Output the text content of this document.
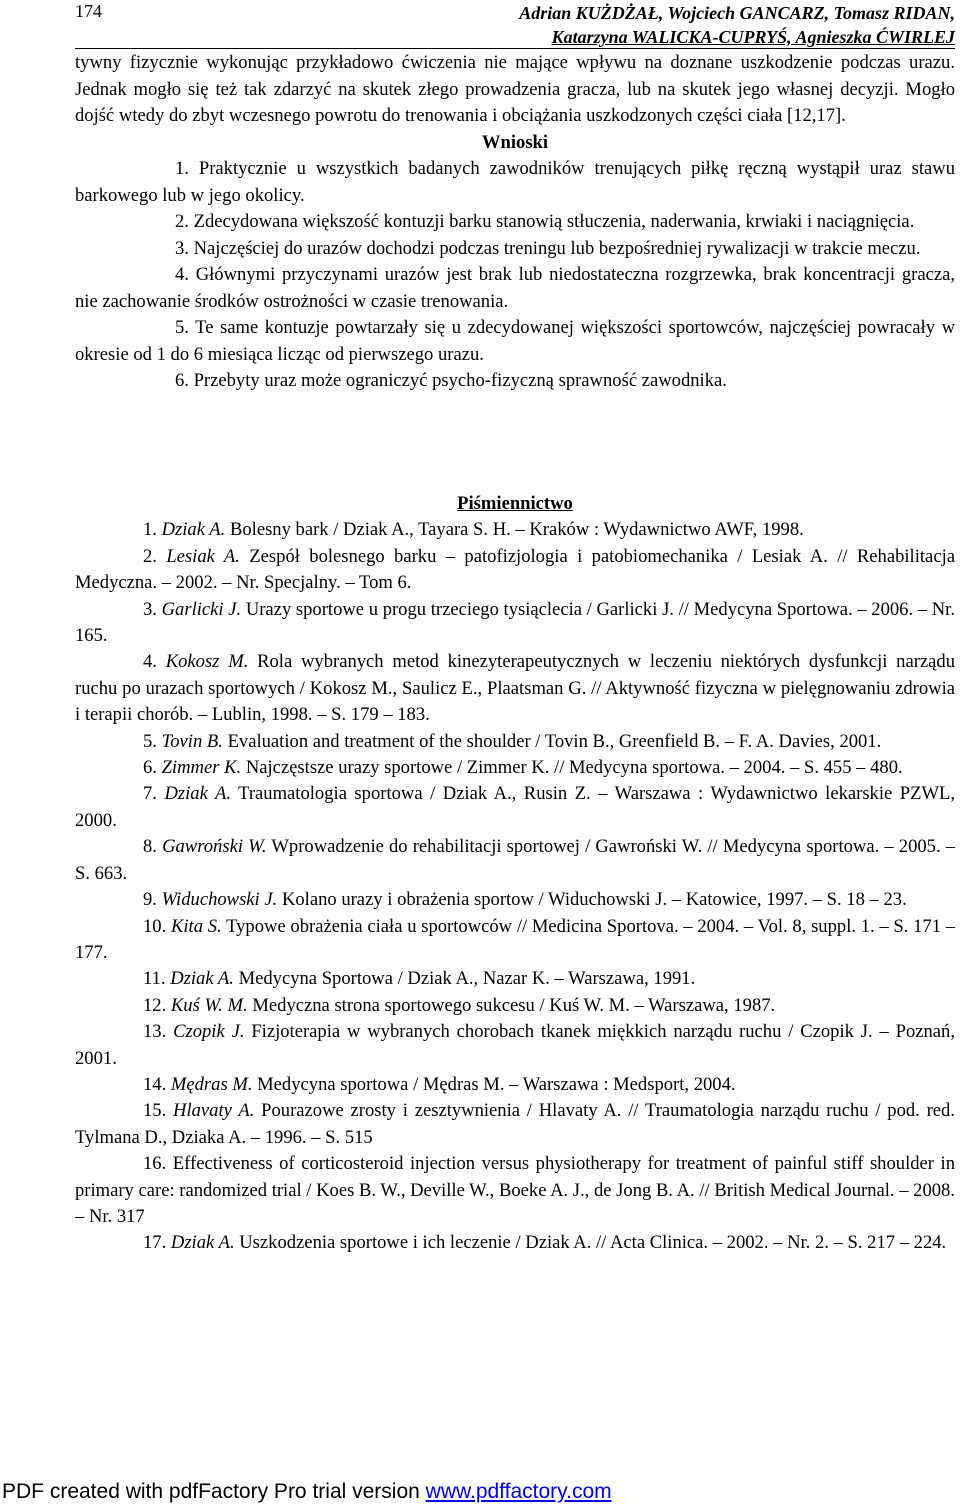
174	Adrian KUŻDŻAŁ, Wojciech GANCARZ, Tomasz RIDAN,
Katarzyna WALICKA-CUPRYŚ, Agnieszka ĆWIRLEJ

tywny fizycznie wykonując przykładowo ćwiczenia nie mające wpływu na doznane uszkodzenie podczas urazu. Jednak mogło się też tak zdarzyć na skutek złego prowadzenia gracza, lub na skutek jego własnej decyzji. Mogło dojść wtedy do zbyt wczesnego powrotu do trenowania i obciążania uszkodzonych części ciała [12,17].

Wnioski

1. Praktycznie u wszystkich badanych zawodników trenujących piłkę ręczną wystąpił uraz stawu barkowego lub w jego okolicy.

2. Zdecydowana większość kontuzji barku stanowią stłuczenia, naderwania, krwiaki i naciągnięcia.

3. Najczęściej do urazów dochodzi podczas treningu lub bezpośredniej rywalizacji w trakcie meczu.

4. Głównymi przyczynami urazów jest brak lub niedostateczna rozgrzewka, brak koncentracji gracza, nie zachowanie środków ostrożności w czasie trenowania.

5. Te same kontuzje powtarzały się u zdecydowanej większości sportowców, najczęściej powracały w okresie od 1 do 6 miesiąca licząc od pierwszego urazu.

6. Przebyty uraz może ograniczyć psycho-fizyczną sprawność zawodnika.

Piśmiennictwo

1. Dziak A. Bolesny bark / Dziak A., Tayara S. H. – Kraków : Wydawnictwo AWF, 1998.

2. Lesiak A. Zespół bolesnego barku – patofizjologia i patobiomechanika / Lesiak A. // Rehabilitacja Medyczna. – 2002. – Nr. Specjalny. – Tom 6.

3. Garlicki J. Urazy sportowe u progu trzeciego tysiąclecia / Garlicki J. // Medycyna Sportowa. – 2006. – Nr. 165.

4. Kokosz M. Rola wybranych metod kinezyterapeutycznych w leczeniu niektórych dysfunkcji narządu ruchu po urazach sportowych / Kokosz M., Saulicz E., Plaatsman G. // Aktywność fizyczna w pielęgnowaniu zdrowia i terapii chorób. – Lublin, 1998. – S. 179 – 183.

5. Tovin B. Evaluation and treatment of the shoulder / Tovin B., Greenfield B. – F. A. Davies, 2001.

6. Zimmer K. Najczęstsze urazy sportowe / Zimmer K. // Medycyna sportowa. – 2004. – S. 455 – 480.

7. Dziak A. Traumatologia sportowa / Dziak A., Rusin Z. – Warszawa : Wydawnictwo lekarskie PZWL, 2000.

8. Gawroński W. Wprowadzenie do rehabilitacji sportowej / Gawroński W. // Medycyna sportowa. – 2005. – S. 663.

9. Widuchowski J. Kolano urazy i obrażenia sportow / Widuchowski J. – Katowice, 1997. – S. 18 – 23.

10. Kita S. Typowe obrażenia ciała u sportowców // Medicina Sportova. – 2004. – Vol. 8, suppl. 1. – S. 171 – 177.

11. Dziak A. Medycyna Sportowa / Dziak A., Nazar K. – Warszawa, 1991.

12. Kuś W. M. Medyczna strona sportowego sukcesu / Kuś W. M. – Warszawa, 1987.

13. Czopik J. Fizjoterapia w wybranych chorobach tkanek miękkich narządu ruchu / Czopik J. – Poznań, 2001.

14. Mędras M. Medycyna sportowa / Mędras M. – Warszawa : Medsport, 2004.

15. Hlavaty A. Pourazowe zrosty i zesztywnienia / Hlavaty A. // Traumatologia narządu ruchu / pod. red. Tylmana D., Dziaka A. – 1996. – S. 515

16. Effectiveness of corticosteroid injection versus physiotherapy for treatment of painful stiff shoulder in primary care: randomized trial / Koes B. W., Deville W., Boeke A. J., de Jong B. A. // British Medical Journal. – 2008. – Nr. 317

17. Dziak A. Uszkodzenia sportowe i ich leczenie / Dziak A. // Acta Clinica. – 2002. – Nr. 2. – S. 217 – 224.

PDF created with pdfFactory Pro trial version www.pdffactory.com
